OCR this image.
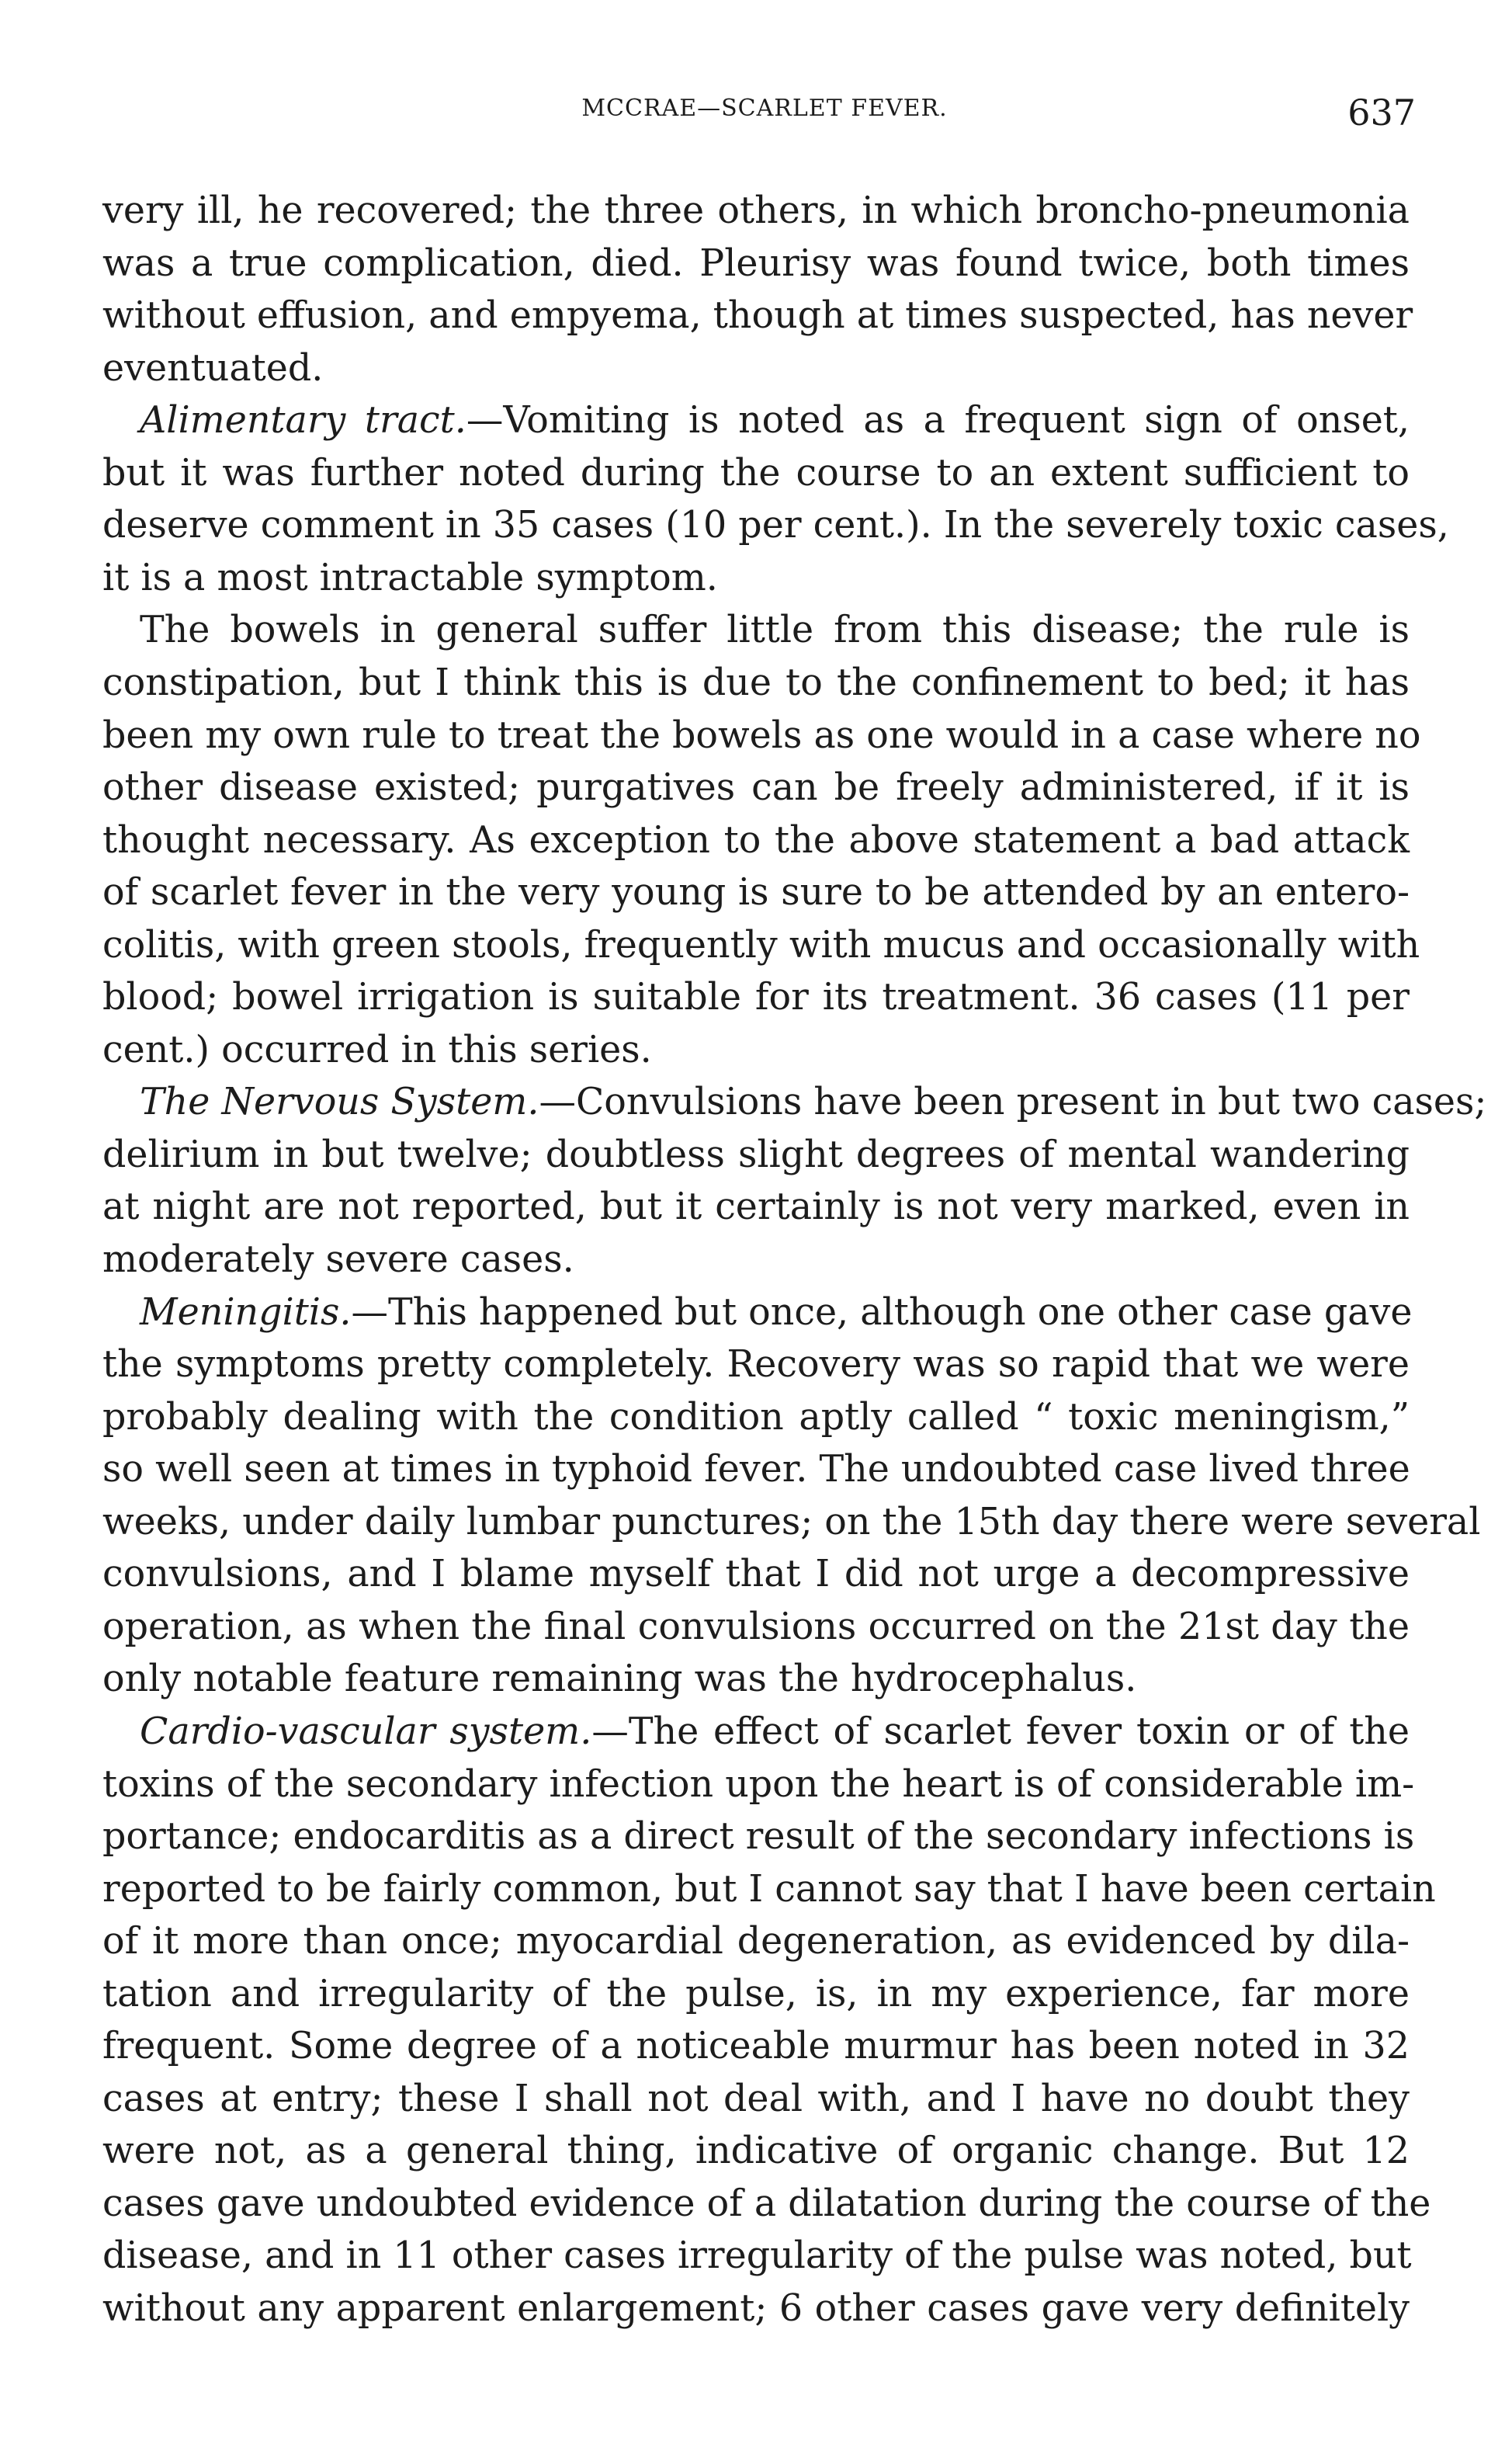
MCCRAE—SCARLET FEVER.	637
very ill, he recovered; the three others, in which broncho-pneumonia
was a true complication, died. Pleurisy was found twice, both times
without effusion, and empyema, though at times suspected, has never
eventuated.
Alimentary tract.—Vomiting is noted as a frequent sign of onset,
but it was further noted during the course to an extent sufficient to
deserve comment in 35 cases (10 per cent.). In the severely toxic cases,
it is a most intractable symptom.
The bowels in general suffer little from this disease; the rule is
constipation, but I think this is due to the confinement to bed; it has
been my own rule to treat the bowels as one would in a case where no
other disease existed; purgatives can be freely administered, if it is
thought necessary. As exception to the above statement a bad attack
of scarlet fever in the very young is sure to be attended by an entero-
colitis, with green stools, frequently with mucus and occasionally with
blood; bowel irrigation is suitable for its treatment. 36 cases (11 per
cent.) occurred in this series.
The Nervous System.—Convulsions have been present in but two cases;
delirium in but twelve; doubtless slight degrees of mental wandering
at night are not reported, but it certainly is not very marked, even in
moderately severe cases.
Meningitis.—This happened but once, although one other case gave
the symptoms pretty completely. Recovery was so rapid that we were
probably dealing with the condition aptly called “ toxic meningism,”
so well seen at times in typhoid fever. The undoubted case lived three
weeks, under daily lumbar punctures; on the 15th day there were several
convulsions, and I blame myself that I did not urge a decompressive
operation, as when the final convulsions occurred on the 21st day the
only notable feature remaining was the hydrocephalus.
Cardio-vascular system.—The effect of scarlet fever toxin or of the
toxins of the secondary infection upon the heart is of considerable im-
portance; endocarditis as a direct result of the secondary infections is
reported to be fairly common, but I cannot say that I have been certain
of it more than once; myocardial degeneration, as evidenced by dila-
tation and irregularity of the pulse, is, in my experience, far more
frequent. Some degree of a noticeable murmur has been noted in 32
cases at entry; these I shall not deal with, and I have no doubt they
were not, as a general thing, indicative of organic change. But 12
cases gave undoubted evidence of a dilatation during the course of the
disease, and in 11 other cases irregularity of the pulse was noted, but
without any apparent enlargement; 6 other cases gave very definitely
